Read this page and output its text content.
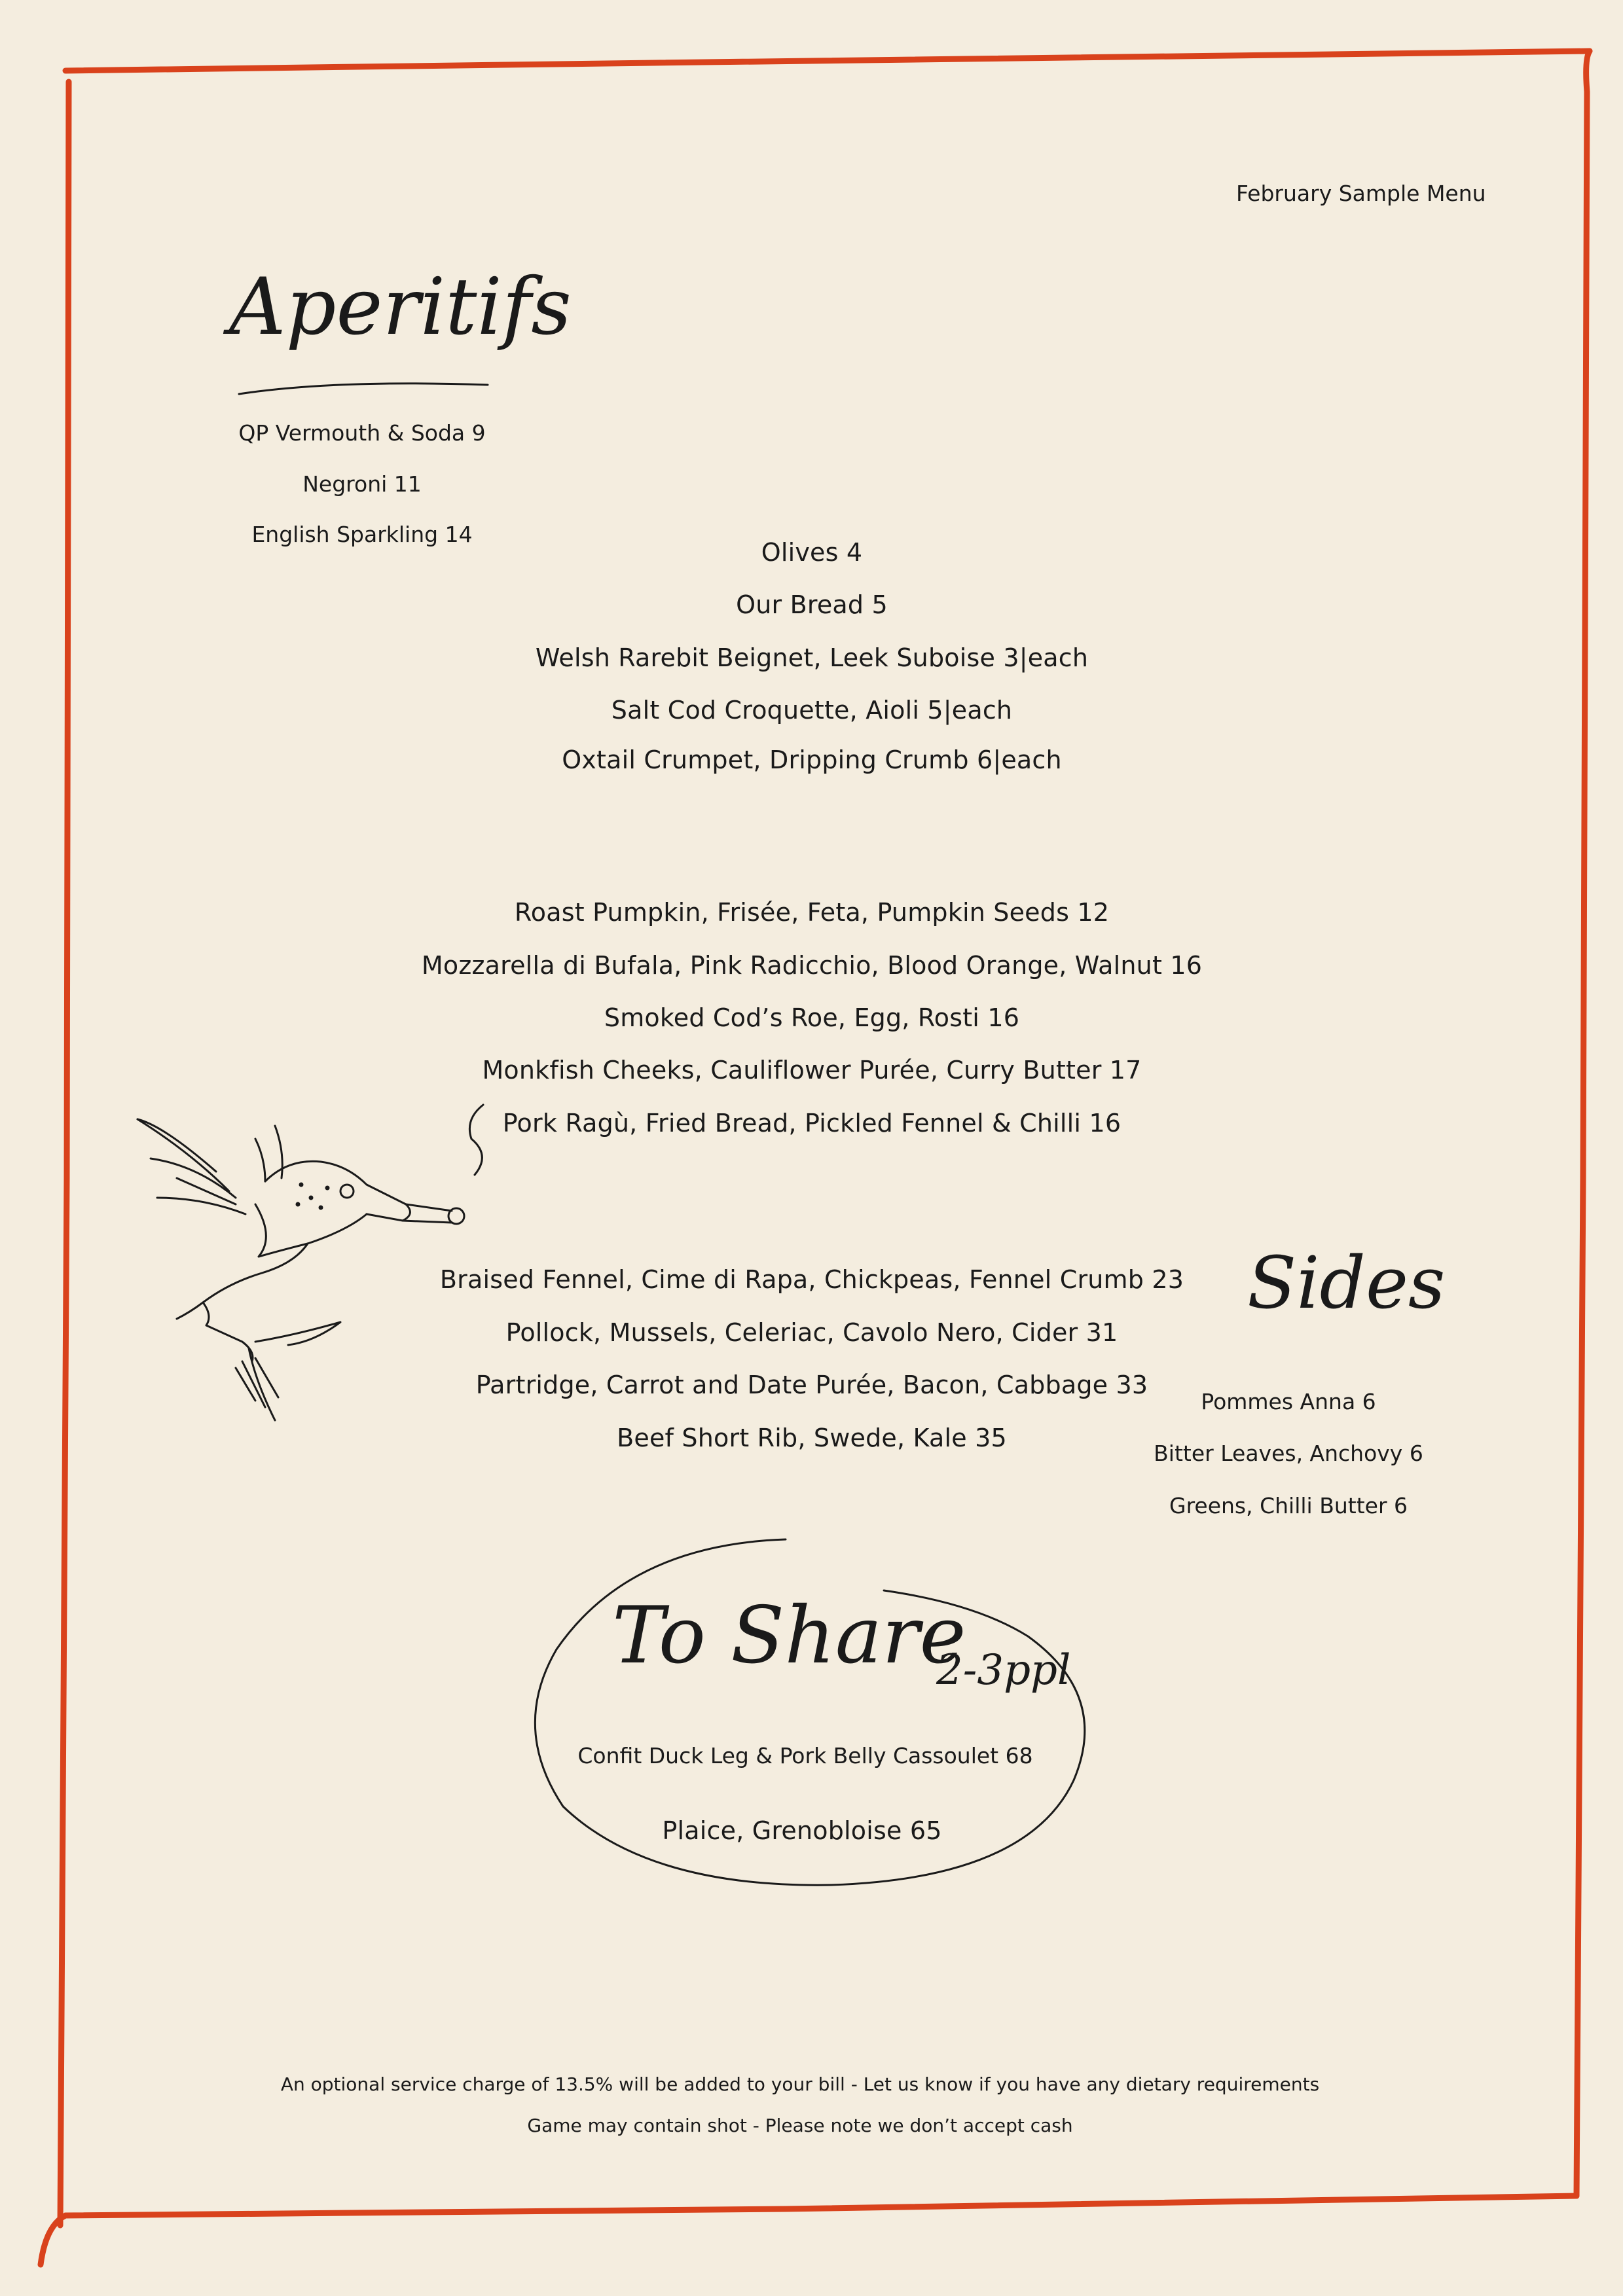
February Sample Menu
Aperitifs
QP Vermouth & Soda 9
Negroni 11
English Sparkling 14
Olives 4
Our Bread 5
Welsh Rarebit Beignet, Leek Suboise 3|each
Salt Cod Croquette, Aioli 5|each
Oxtail Crumpet, Dripping Crumb 6|each
Roast Pumpkin, Frisée, Feta, Pumpkin Seeds 12
Mozzarella di Bufala, Pink Radicchio, Blood Orange, Walnut 16
Smoked Cod’s Roe, Egg, Rosti 16
Monkfish Cheeks, Cauliflower Purée, Curry Butter 17
Pork Ragù, Fried Bread, Pickled Fennel & Chilli 16
Braised Fennel, Cime di Rapa, Chickpeas, Fennel Crumb 23
Pollock, Mussels, Celeriac, Cavolo Nero, Cider 31
Partridge, Carrot and Date Purée, Bacon, Cabbage 33
Beef Short Rib, Swede, Kale 35
Sides
Pommes Anna 6
Bitter Leaves, Anchovy 6
Greens, Chilli Butter 6
To Share
2-3ppl
Confit Duck Leg & Pork Belly Cassoulet 68
Plaice, Grenobloise 65
An optional service charge of 13.5% will be added to your bill - Let us know if you have any dietary requirements
Game may contain shot - Please note we don’t accept cash
